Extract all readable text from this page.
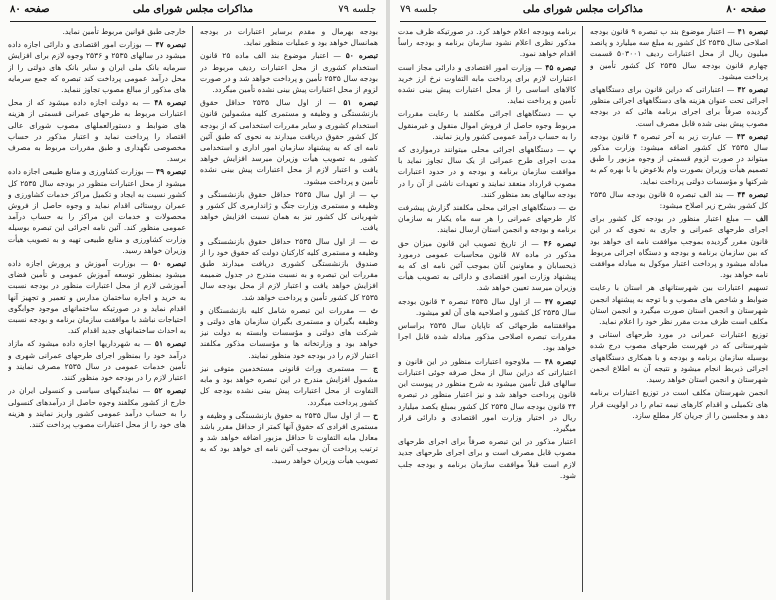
صفحه ۸۰	مذاکرات مجلس شورای ملی	جلسه ۷۹

بودجه بهرمال و مقدم برسایر اعتبارات در بودجه همانسال خواهد بود و عملیات منظور نماید.

تبصره ۵۰ — اعتبار موضوع بند الف ماده ۲۵ قانون استخدام کشوری از محل اعتبارات ردیف مربوط در بودجه سال ۲۵۳۵ تأمین و پرداخت خواهد شد و در صورت لزوم از محل اعتبارات پیش بینی نشده تأمین میگردد.

تبصره ۵۱ — از اول سال ۲۵۳۵ حداقل حقوق بازنشستگی و وظیفه و مستمری کلیه مشمولین قانون استخدام کشوری و سایر مقررات استخدامی که از بودجه کل کشور حقوق دریافت میدارند به نحوی که طبق آئین نامه ای که به پیشنهاد سازمان امور اداری و استخدامی کشور به تصویب هیأت وزیران میرسد افزایش خواهد یافت و اعتبار لازم از محل اعتبارات پیش بینی نشده تأمین و پرداخت میشود.

ب — از اول سال ۲۵۳۵ حداقل حقوق بازنشستگی و وظیفه و مستمری وزارت جنگ و ژاندارمری کل کشور و شهربانی کل کشور نیز به همان نسبت افزایش خواهد یافت.

ت — از اول سال ۲۵۳۵ حداقل حقوق بازنشستگی و وظیفه و مستمری کلیه کارکنان دولت که حقوق خود را از صندوق بازنشستگی کشوری دریافت میدارند طبق مقررات این تبصره و به نسبت مندرج در جدول ضمیمه افزایش خواهد یافت و اعتبار لازم از محل بودجه سال ۲۵۳۵ کل کشور تأمین و پرداخت خواهد شد.

ث — مقررات این تبصره شامل کلیه بازنشستگان و وظیفه بگیران و مستمری بگیران سازمان های دولتی و شرکت های دولتی و مؤسسات وابسته به دولت نیز خواهد بود و وزارتخانه ها و مؤسسات مذکور مکلفند اعتبار لازم را در بودجه خود منظور نمایند.

ج — مستمری وراث قانونی مستخدمین متوفی نیز مشمول افزایش مندرج در این تبصره خواهد بود و مابه التفاوت از محل اعتبارات پیش بینی نشده بودجه کل کشور پرداخت میگردد.

ح — از اول سال ۲۵۳۵ به حقوق بازنشستگی و وظیفه و مستمری افرادی که حقوق آنها کمتر از حداقل مقرر باشد معادل مابه التفاوت تا حداقل مزبور اضافه خواهد شد و ترتیب پرداخت آن بموجب آئین نامه ای خواهد بود که به تصویب هیأت وزیران خواهد رسید.

خارجی طبق قوانین مربوط تأمین نماید.

تبصره ۴۷ — بوزارت امور اقتصادی و دارائی اجازه داده میشود در سالهای ۲۵۳۵ و ۲۵۳۶ وجوه لازم برای افزایش سرمایه بانک ملی ایران و سایر بانک های دولتی را از محل درآمد عمومی پرداخت کند تبصره که جمع سرمایه های مذکور از مبالغ مصوب تجاوز ننماید.

تبصره ۴۸ — به دولت اجازه داده میشود که از محل اعتبارات مربوط به طرحهای عمرانی قسمتی از هزینه های ضوابط و دستورالعملهای مصوب شورای عالی اقتصاد را پرداخت نماید و اعتبار مذکور در حساب مخصوصی نگهداری و طبق مقررات مربوط به مصرف برسد.

تبصره ۴۹ — بوزارت کشاورزی و منابع طبیعی اجازه داده میشود از محل اعتبارات منظور در بودجه سال ۲۵۳۵ کل کشور نسبت به ایجاد و تکمیل مراکز خدمات کشاورزی و عمران روستائی اقدام نماید و وجوه حاصل از فروش محصولات و خدمات این مراکز را به حساب درآمد عمومی منظور کند. آئین نامه اجرائی این تبصره بوسیله وزارت کشاورزی و منابع طبیعی تهیه و به تصویب هیأت وزیران خواهد رسید.

تبصره ۵۰ — بوزارت آموزش و پرورش اجازه داده میشود بمنظور توسعه آموزش عمومی و تأمین فضای آموزشی لازم از محل اعتبارات منظور در بودجه نسبت به خرید و اجاره ساختمان مدارس و تعمیر و تجهیز آنها اقدام نماید و در صورتیکه ساختمانهای موجود جوابگوی احتیاجات نباشد با موافقت سازمان برنامه و بودجه نسبت به احداث ساختمانهای جدید اقدام کند.

تبصره ۵۱ — به شهرداریها اجازه داده میشود که مازاد درآمد خود را بمنظور اجرای طرحهای عمرانی شهری و تأمین خدمات عمومی در سال ۲۵۳۵ مصرف نمایند و اعتبار لازم را در بودجه خود منظور کنند.

تبصره ۵۲ — نمایندگیهای سیاسی و کنسولی ایران در خارج از کشور مکلفند وجوه حاصل از درآمدهای کنسولی را به حساب درآمد عمومی کشور واریز نمایند و هزینه های خود را از محل اعتبارات مصوب پرداخت کنند.

صفحه ۸۰
مذاکرات مجلس شورای ملی
جلسه ۷۹

تبصره ۴۱ — اعتبار موضوع بند ب تبصره ۹ قانون بودجه اصلاحی سال ۲۵۳۵ کل کشور به مبلغ سه میلیارد و پانصد میلیون ریال از محل اعتبارات ردیف ۵۰۳۰۰۱ قسمت چهارم قانون بودجه سال ۲۵۳۵ کل کشور تأمین و پرداخت میشود.

تبصره ۴۲ — اعتباراتی که دراین قانون برای دستگاههای اجرائی تحت عنوان هزینه های دستگاههای اجرائی منظور گردیده صرفاً برای اجرای برنامه هائی که در بودجه مصوب پیش بینی شده قابل مصرف است.

تبصره ۴۳ — عبارت زیر به آخر تبصره ۴ قانون بودجه سال ۲۵۳۵ کل کشور اضافه میشود: وزارت مذکور میتواند در صورت لزوم قسمتی از وجوه مزبور را طبق تصمیم هیأت وزیران بصورت وام بلاعوض یا با بهره کم به شرکتها و مؤسسات دولتی پرداخت نماید.

تبصره ۴۴ — بند الف تبصره ۵ قانون بودجه سال ۲۵۳۵ کل کشور بشرح زیر اصلاح میشود:

الف — مبلغ اعتبار منظور در بودجه کل کشور برای اجرای طرحهای عمرانی و جاری به نحوی که در این قانون مقرر گردیده بموجب موافقت نامه ای خواهد بود که بین سازمان برنامه و بودجه و دستگاه اجرائی مربوط مبادله میشود و پرداخت اعتبار موکول به مبادله موافقت نامه خواهد بود.

تسهیم اعتبارات بین شهرستانهای هر استان با رعایت ضوابط و شاخص های مصوب و با توجه به پیشنهاد انجمن شهرستان و انجمن استان صورت میگیرد و انجمن استان مکلف است ظرف مدت مقرر نظر خود را اعلام نماید.

توزیع اعتبارات عمرانی در مورد طرحهای استانی و شهرستانی که در فهرست طرحهای مصوب درج شده بوسیله سازمان برنامه و بودجه و با همکاری دستگاههای اجرائی ذیربط انجام میشود و نتیجه آن به اطلاع انجمن شهرستان و انجمن استان خواهد رسید.

انجمن شهرستان مکلف است در توزیع اعتبارات برنامه های تکمیلی و اقدام کارهای نیمه تمام را در اولویت قرار دهد و مجلسین را از جریان کار مطلع سازد.

برنامه وبودجه اعلام خواهد کرد. در صورتیکه ظرف مدت مذکور نظری اعلام نشود سازمان برنامه و بودجه راساً اقدام خواهد نمود.

تبصره ۴۵ — وزارت امور اقتصادی و دارائی مجاز است اعتبارات لازم برای پرداخت مابه التفاوت نرخ ارز خرید کالاهای اساسی را از محل اعتبارات پیش بینی نشده تأمین و پرداخت نماید.

ب — دستگاههای اجرائی مکلفند با رعایت مقررات مربوط وجوه حاصل از فروش اموال منقول و غیرمنقول را به حساب درآمد عمومی کشور واریز نمایند.

پ — دستگاههای اجرائی محلی میتوانند درمواردی که مدت اجرای طرح عمرانی از یک سال تجاوز نماید با موافقت سازمان برنامه و بودجه و در حدود اعتبارات مصوب قرارداد منعقد نمایند و تعهدات ناشی از آن را در بودجه سالهای بعد منظور کنند.

ت — دستگاههای اجرائی محلی مکلفند گزارش پیشرفت کار طرحهای عمرانی را هر سه ماه یکبار به سازمان برنامه و بودجه و انجمن استان ارسال نمایند.

تبصره ۴۶ — از تاریخ تصویب این قانون میزان حق مذکور در ماده ۸۷ قانون محاسبات عمومی درمورد ذیحسابان و معاونین آنان بموجب آئین نامه ای که به پیشنهاد وزارت امور اقتصادی و دارائی به تصویب هیأت وزیران میرسد تعیین خواهد شد.

تبصره ۴۷ — از اول سال ۲۵۳۵ تبصره ۳ قانون بودجه سال ۲۵۳۵ کل کشور و اصلاحیه های آن لغو میشود.

موافقتنامه طرحهائی که تاپایان سال ۲۵۳۵ براساس مقررات تبصره اصلاحی مذکور مبادله شده قابل اجرا خواهد بود.

تبصره ۴۸ — ملاوجوه اعتبارات منظور در این قانون و اعتباراتی که دراین سال از محل صرفه جوئی اعتبارات سالهای قبل تأمین میشود به شرح منظور در پیوست این قانون پرداخت خواهد شد و نیز اعتبار منظور در تبصره ۴۴ قانون بودجه سال ۲۵۳۵ کل کشور بمبلغ یکصد میلیارد ریال در اختیار وزارت امور اقتصادی و دارائی قرار میگیرد.

اعتبار مذکور در این تبصره صرفاً برای اجرای طرحهای مصوب قابل مصرف است و برای اجرای طرحهای جدید لازم است قبلاً موافقت سازمان برنامه و بودجه جلب شود.
